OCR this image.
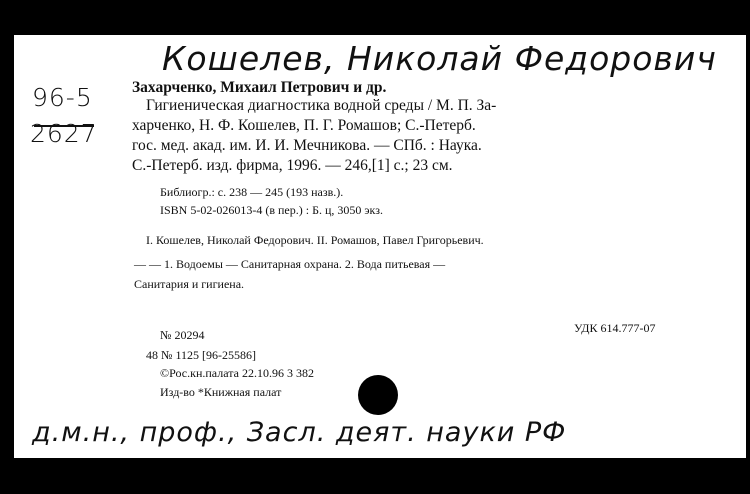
Кошелев, Николай Федорович
96-5
2627
Захарченко, Михаил Петрович и др.
Гигиеническая диагностика водной среды / М. П. За-
харченко, Н. Ф. Кошелев, П. Г. Ромашов; С.-Петерб.
гос. мед. акад. им. И. И. Мечникова. — СПб. : Наука.
С.-Петерб. изд. фирма, 1996. — 246,[1] с.; 23 см.
Библиогр.: с. 238 — 245 (193 назв.).
ISBN 5-02-026013-4 (в пер.) : Б. ц, 3050 экз.
I. Кошелев, Николай Федорович. II. Ромашов, Павел Григорьевич.
— — 1. Водоемы — Санитарная охрана. 2. Вода питьевая —
Санитария и гигиена.
№ 20294	УДК 614.777-07
48 № 1125 [96-25586]
©Рос.кн.палата 22.10.96 3 382
Изд-во *Книжная палат
д.м.н., проф., Засл. деят. науки РФ
